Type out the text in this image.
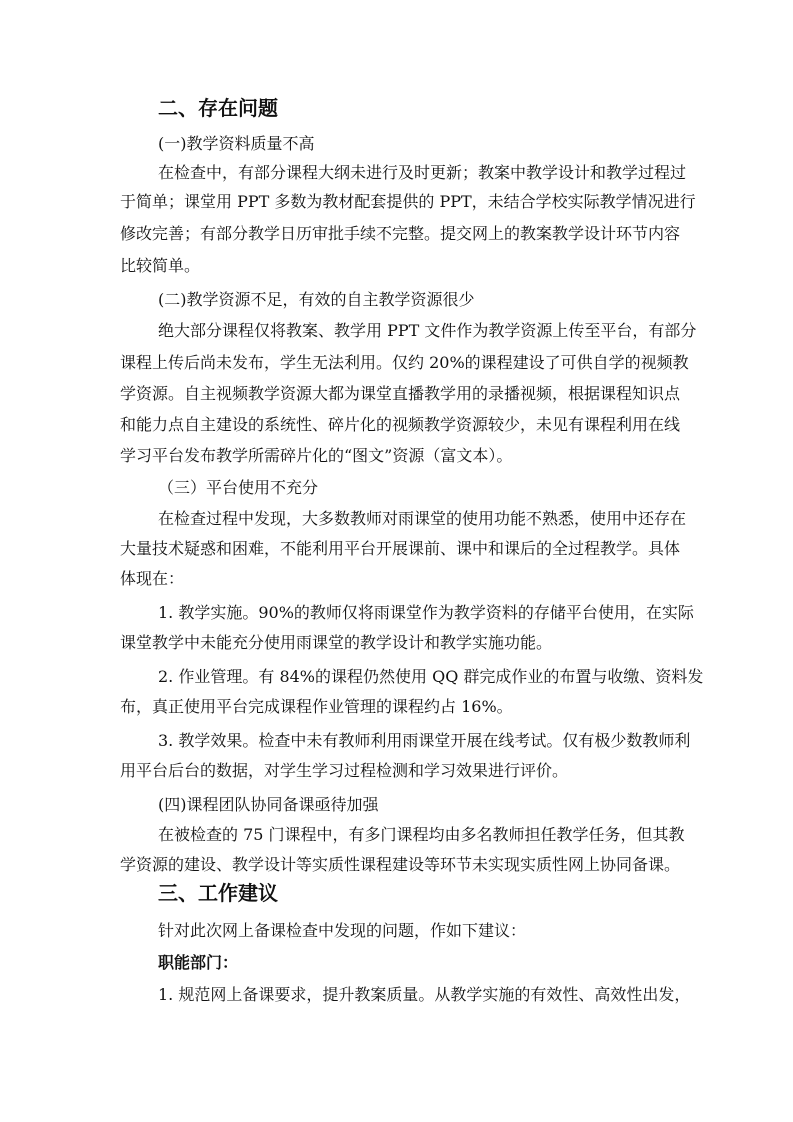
二、存在问题
(一)教学资料质量不高
在检查中，有部分课程大纲未进行及时更新；教案中教学设计和教学过程过
于简单；课堂用 PPT 多数为教材配套提供的 PPT，未结合学校实际教学情况进行
修改完善；有部分教学日历审批手续不完整。提交网上的教案教学设计环节内容
比较简单。
(二)教学资源不足，有效的自主教学资源很少
绝大部分课程仅将教案、教学用 PPT 文件作为教学资源上传至平台，有部分
课程上传后尚未发布，学生无法利用。仅约 20%的课程建设了可供自学的视频教
学资源。自主视频教学资源大都为课堂直播教学用的录播视频，根据课程知识点
和能力点自主建设的系统性、碎片化的视频教学资源较少，未见有课程利用在线
学习平台发布教学所需碎片化的“图文”资源（富文本）。
（三）平台使用不充分
在检查过程中发现，大多数教师对雨课堂的使用功能不熟悉，使用中还存在
大量技术疑惑和困难，不能利用平台开展课前、课中和课后的全过程教学。具体
体现在：
1. 教学实施。90%的教师仅将雨课堂作为教学资料的存储平台使用，在实际
课堂教学中未能充分使用雨课堂的教学设计和教学实施功能。
2. 作业管理。有 84%的课程仍然使用 QQ 群完成作业的布置与收缴、资料发
布，真正使用平台完成课程作业管理的课程约占 16%。
3. 教学效果。检查中未有教师利用雨课堂开展在线考试。仅有极少数教师利
用平台后台的数据，对学生学习过程检测和学习效果进行评价。
(四)课程团队协同备课亟待加强
在被检查的 75 门课程中，有多门课程均由多名教师担任教学任务，但其教
学资源的建设、教学设计等实质性课程建设等环节未实现实质性网上协同备课。
三、工作建议
针对此次网上备课检查中发现的问题，作如下建议：
职能部门：
1. 规范网上备课要求，提升教案质量。从教学实施的有效性、高效性出发，
